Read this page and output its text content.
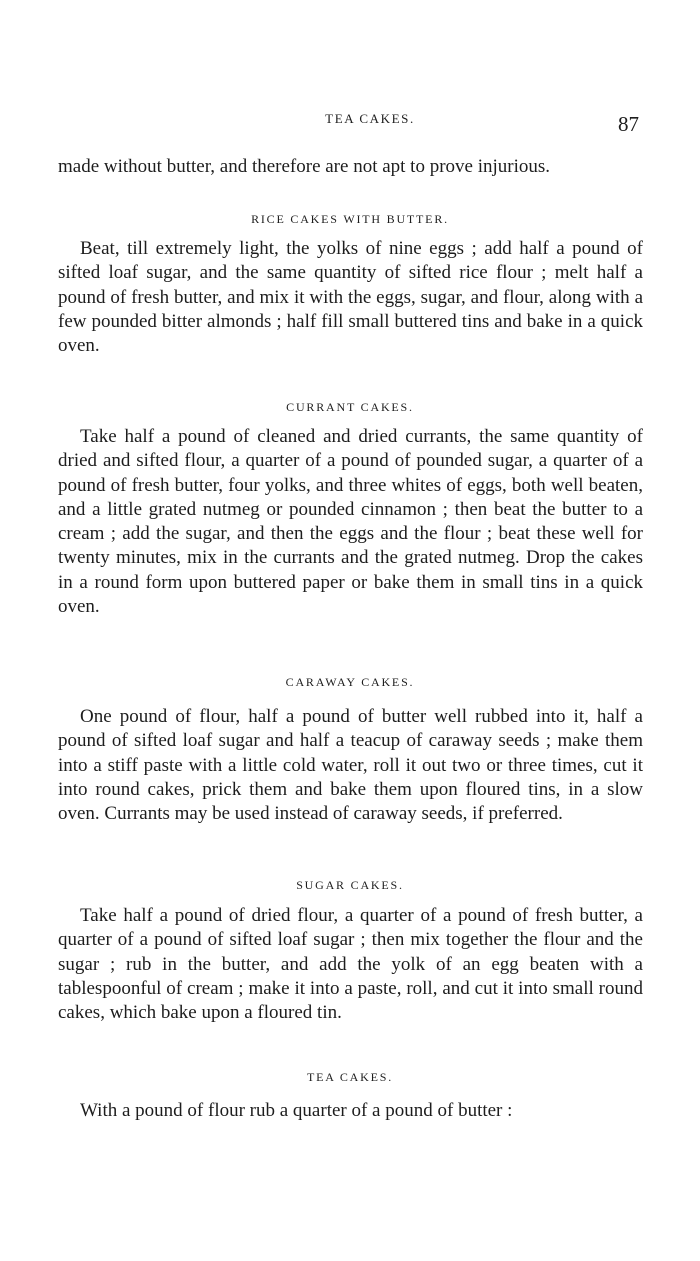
TEA CAKES.	87
made without butter, and therefore are not apt to prove injurious.
RICE CAKES WITH BUTTER.

Beat, till extremely light, the yolks of nine eggs ; add half a pound of sifted loaf sugar, and the same quantity of sifted rice flour ; melt half a pound of fresh butter, and mix it with the eggs, sugar, and flour, along with a few pounded bitter almonds ; half fill small buttered tins and bake in a quick oven.

CURRANT CAKES.

Take half a pound of cleaned and dried currants, the same quantity of dried and sifted flour, a quarter of a pound of pounded sugar, a quarter of a pound of fresh butter, four yolks, and three whites of eggs, both well beaten, and a little grated nutmeg or pounded cinnamon ; then beat the butter to a cream ; add the sugar, and then the eggs and the flour ; beat these well for twenty minutes, mix in the currants and the grated nutmeg. Drop the cakes in a round form upon buttered paper or bake them in small tins in a quick oven.

CARAWAY CAKES.

One pound of flour, half a pound of butter well rubbed into it, half a pound of sifted loaf sugar and half a teacup of caraway seeds ; make them into a stiff paste with a little cold water, roll it out two or three times, cut it into round cakes, prick them and bake them upon floured tins, in a slow oven. Currants may be used instead of caraway seeds, if preferred.

SUGAR CAKES.

Take half a pound of dried flour, a quarter of a pound of fresh butter, a quarter of a pound of sifted loaf sugar ; then mix together the flour and the sugar ; rub in the butter, and add the yolk of an egg beaten with a tablespoonful of cream ; make it into a paste, roll, and cut it into small round cakes, which bake upon a floured tin.

TEA CAKES.

With a pound of flour rub a quarter of a pound of butter :
